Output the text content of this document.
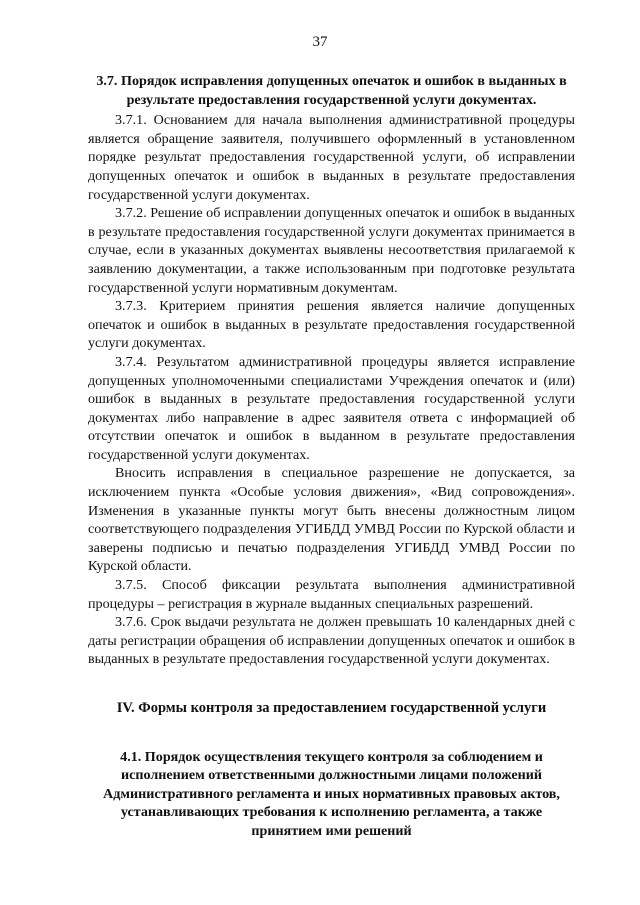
37

3.7. Порядок исправления допущенных опечаток и ошибок в выданных в результате предоставления государственной услуги документах.

3.7.1. Основанием для начала выполнения административной процедуры является обращение заявителя, получившего оформленный в установленном порядке результат предоставления государственной услуги, об исправлении допущенных опечаток и ошибок в выданных в результате предоставления государственной услуги документах.

3.7.2. Решение об исправлении допущенных опечаток и ошибок в выданных в результате предоставления государственной услуги документах принимается в случае, если в указанных документах выявлены несоответствия прилагаемой к заявлению документации, а также использованным при подготовке результата государственной услуги нормативным документам.

3.7.3. Критерием принятия решения является наличие допущенных опечаток и ошибок в выданных в результате предоставления государственной услуги документах.

3.7.4. Результатом административной процедуры является исправление допущенных уполномоченными специалистами Учреждения опечаток и (или) ошибок в выданных в результате предоставления государственной услуги документах либо направление в адрес заявителя ответа с информацией об отсутствии опечаток и ошибок в выданном в результате предоставления государственной услуги документах.

Вносить исправления в специальное разрешение не допускается, за исключением пункта «Особые условия движения», «Вид сопровождения». Изменения в указанные пункты могут быть внесены должностным лицом соответствующего подразделения УГИБДД УМВД России по Курской области и заверены подписью и печатью подразделения УГИБДД УМВД России по Курской области.

3.7.5. Способ фиксации результата выполнения административной процедуры – регистрация в журнале выданных специальных разрешений.

3.7.6. Срок выдачи результата не должен превышать 10 календарных дней с даты регистрации обращения об исправлении допущенных опечаток и ошибок в выданных в результате предоставления государственной услуги документах.

IV. Формы контроля за предоставлением государственной услуги

4.1. Порядок осуществления текущего контроля за соблюдением и исполнением ответственными должностными лицами положений Административного регламента и иных нормативных правовых актов, устанавливающих требования к исполнению регламента, а также принятием ими решений
